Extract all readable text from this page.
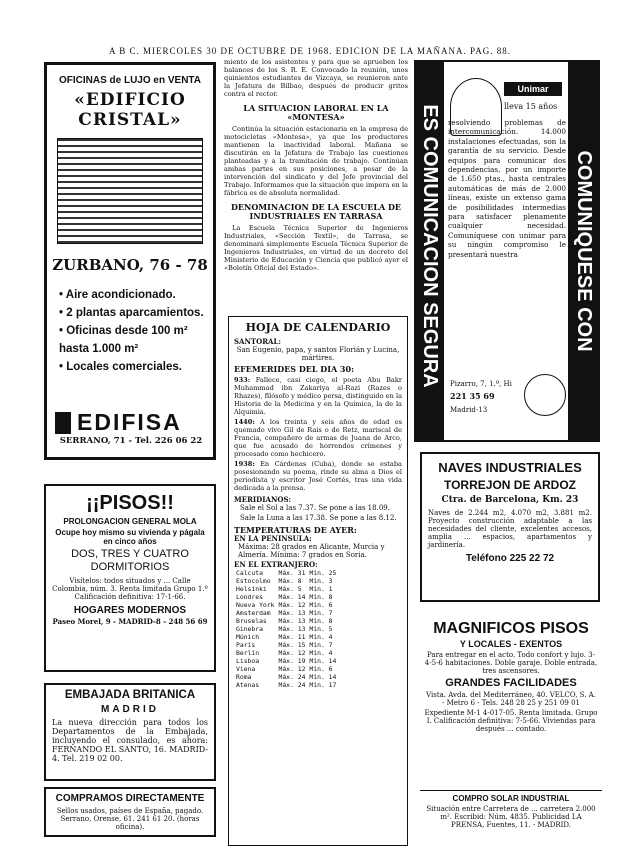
A B C. MIERCOLES 30 DE OCTUBRE DE 1968. EDICION DE LA MAÑANA. PAG. 88.
OFICINAS de LUJO en VENTA
«EDIFICIO CRISTAL»
ZURBANO, 76 - 78
• Aire acondicionado.
• 2 plantas aparcamientos.
• Oficinas desde 100 m² hasta 1.000 m²
• Locales comerciales.
EDIFISA
SERRANO, 71 - Tel. 226 06 22
¡¡PISOS!!
PROLONGACION GENERAL MOLA
Ocupe hoy mismo su vivienda y págala en cinco años
DOS, TRES Y CUATRO DORMITORIOS
Visítelos: todos situados y ... Calle Colombia, núm. 3. Renta limitada Grupo 1.º Calificación definitiva: 17-1-66.
HOGARES MODERNOS
Paseo Morel, 9 - MADRID-8 - 248 56 69
EMBAJADA BRITANICA
MADRID
La nueva dirección para todos los Departamentos de la Embajada, incluyendo el consulado, es ahora: FERNANDO EL SANTO, 16. MADRID-4. Tel. 219 02 00.
COMPRAMOS DIRECTAMENTE
Sellos usados, países de España, pagado. Serrano, Orense, 61. 241 61 20. (horas oficina).
miento de los asistentes y para que se aprueben los balances de los S. R. E. Convocado la reunión, unos quinientos estudiantes de Vizcaya, se reunieron ante la Jefatura de Bilbao, después de producir gritos contra el rector.
LA SITUACION LABORAL EN LA «MONTESA»
Continúa la situación estacionaria en la empresa de motocicletas «Montesa», ya que los productores mantienen la inactividad laboral. Mañana se discutirán en la Jefatura de Trabajo las cuestiones planteadas y a la tramitación de trabajo. Continúan ambas partes en sus posiciones, a pesar de la intervención del sindicato y del Jefe provincial del Trabajo. Informamos que la situación que impera en la fábrica es de absoluta normalidad.
DENOMINACION DE LA ESCUELA DE INDUSTRIALES EN TARRASA
La Escuela Técnica Superior de Ingenieros Industriales, «Sección Textil», de Tarrasa, se denominará simplemente Escuela Técnica Superior de Ingenieros Industriales, en virtud de un decreto del Ministerio de Educación y Ciencia que publicó ayer el «Boletín Oficial del Estado».
HOJA DE CALENDARIO
SANTORAL:
San Eugenio, papa, y santos Florián y Lucina, mártires.
EFEMERIDES DEL DIA 30:
933: Fallece, casi ciego, el poeta Abu Bakr Muhammad ibn Zakariya al-Razi (Razes o Rhazes), filósofo y médico persa, distinguido en la Historia de la Medicina y en la Química, la de la Alquimia.
1440: A los treinta y seis años de edad es quemado vivo Gil de Rais o de Retz, mariscal de Francia, compañero de armas de Juana de Arco, que fue acusado de horrendos crímenes y procesado como hechicero.
1938: En Cárdenas (Cuba), donde se estaba posesionando su poema, rinde su alma a Dios el periodista y escritor José Cortés, tras una vida dedicada a la prensa.
MERIDIANOS:
Sale el Sol a las 7.37. Se pone a las 18.09.
Sale la Luna a las 17.38. Se pone a las 8.12.
TEMPERATURAS DE AYER:
EN LA PENINSULA:
Máxima: 28 grados en Alicante, Murcia y Almería. Mínima: 7 grados en Soria.
EN EL EXTRANJERO:
Calcuta	Máx. 31	Mín. 25
Estocolmo	Máx. 8	Mín. 3
Helsinki	Máx. 5	Mín. 1
Londres	Máx. 14	Mín. 8
Nueva York	Máx. 12	Mín. 6
Amsterdam	Máx. 13	Mín. 7
Bruselas	Máx. 13	Mín. 8
Ginebra	Máx. 13	Mín. 5
Múnich	Máx. 11	Mín. 4
París	Máx. 15	Mín. 7
Berlín	Máx. 12	Mín. 4
Lisboa	Máx. 19	Mín. 14
Viena	Máx. 12	Mín. 6
Roma	Máx. 24	Mín. 14
Atenas	Máx. 24	Mín. 17
ES COMUNICACION SEGURA	COMUNIQUESE CON
Unimar
lleva 15 años
resolviendo problemas de intercomunicación. 14.000 instalaciones efectuadas, son la garantía de su servicio. Desde equipos para comunicar dos dependencias, por un importe de 1.650 ptas., hasta centrales automáticas de más de 2.000 líneas, existe un extenso gama de posibilidades intermedias para satisfacer plenamente cualquier necesidad. Comuníquese con unimar para su ningún compromiso le presentará nuestra
Pizarro, 7, 1.º, Hi
221 35 69
Madrid-13
NAVES INDUSTRIALES
TORREJON DE ARDOZ
Ctra. de Barcelona, Km. 23
Naves de 2.244 m2, 4.070 m2, 3.881 m2. Proyecto construcción adaptable a las necesidades del cliente, excelentes accesos, amplia ... espacios, apartamentos y jardinería.
Teléfono 225 22 72
MAGNIFICOS PISOS
Y LOCALES - EXENTOS
Para entregar en el acto. Todo confort y lujo. 3-4-5-6 habitaciones. Doble garaje. Doble entrada, tres ascensores.
GRANDES FACILIDADES
Vista. Avda. del Mediterráneo, 40. VELCO, S. A. - Metro 6 - Tels. 248 28 25 y 251 09 01
Expediente M-1 4-017-05. Renta limitada. Grupo I. Calificación definitiva: 7-5-66. Viviendas para después ... contado.
COMPRO SOLAR INDUSTRIAL
Situación entre Carretera de ... carretera 2.000 m². Escribid: Núm. 4835. Publicidad LA PRENSA, Fuentes, 11. - MADRID.
